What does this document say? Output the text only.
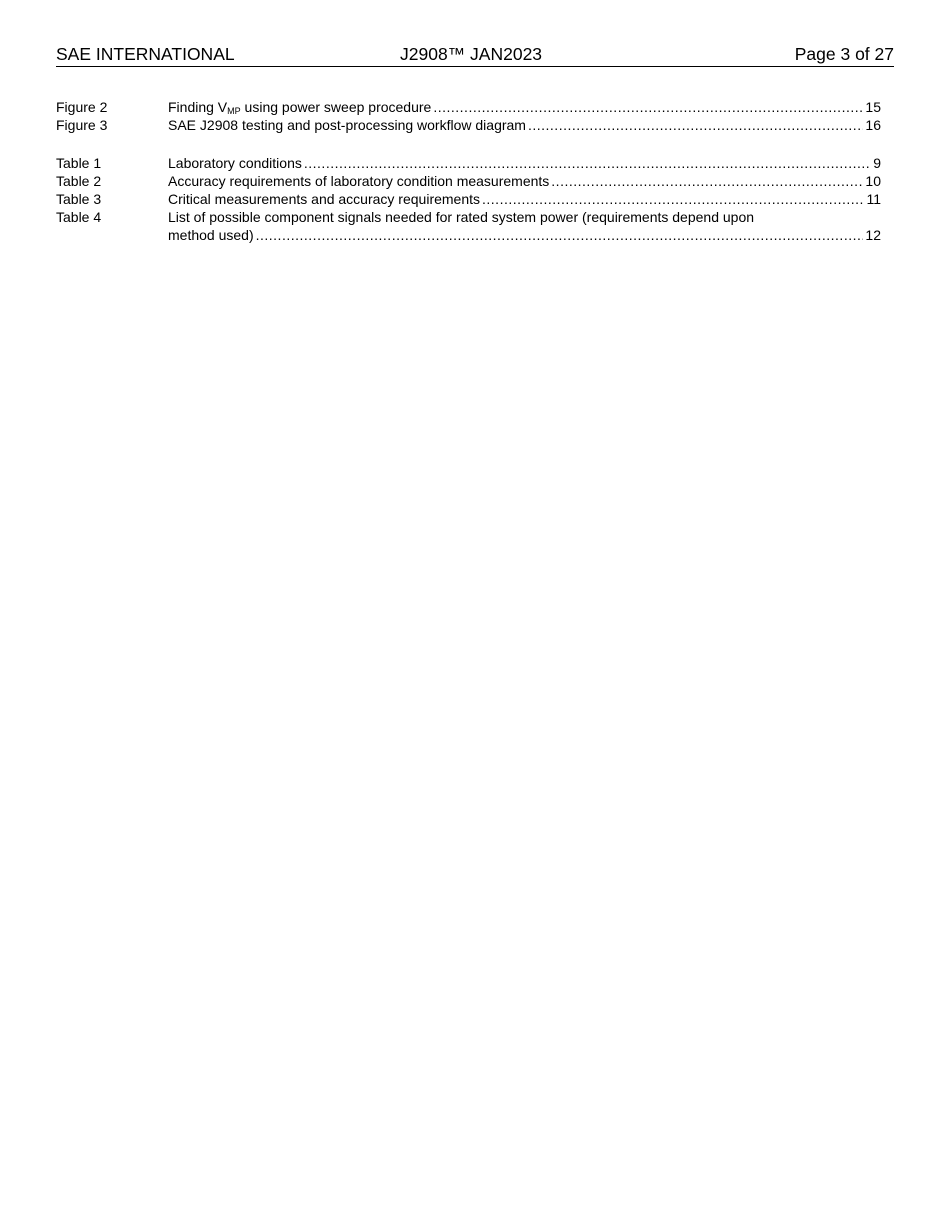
SAE INTERNATIONAL	J2908™ JAN2023	Page 3 of 27
Figure 2	Finding $V_{MP}$ using power sweep procedure .....	15
Figure 3	SAE J2908 testing and post-processing workflow diagram .....	16
Table 1	Laboratory conditions .....	9
Table 2	Accuracy requirements of laboratory condition measurements .....	10
Table 3	Critical measurements and accuracy requirements .....	11
Table 4	List of possible component signals needed for rated system power (requirements depend upon
method used) .....	12
